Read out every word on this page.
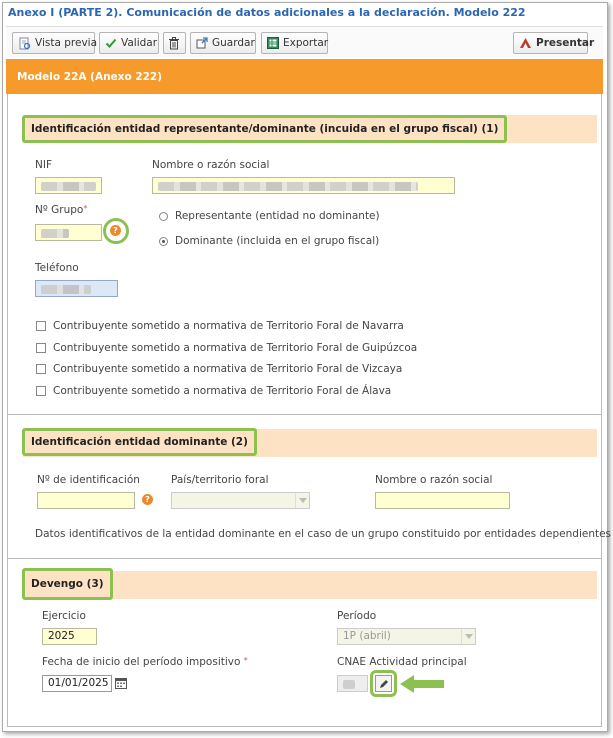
Anexo I (PARTE 2). Comunicación de datos adicionales a la declaración. Modelo 222
Vista previa Validar	Guardar	Exportar	Presentar
Modelo 22A (Anexo 222)
Identificación entidad representante/dominante (incuida en el grupo fiscal) (1)
NIF	Nombre o razón social
Nº Grupo*
?
Representante (entidad no dominante)
Dominante (incluida en el grupo fiscal)
Teléfono
Contribuyente sometido a normativa de Territorio Foral de Navarra
Contribuyente sometido a normativa de Territorio Foral de Guipúzcoa
Contribuyente sometido a normativa de Territorio Foral de Vizcaya
Contribuyente sometido a normativa de Territorio Foral de Álava
Identificación entidad dominante (2)
Nº de identificación
?
País/territorio foral	Nombre o razón social
Datos identificativos de la entidad dominante en el caso de un grupo constituido por entidades dependientes
Devengo (3)
Ejercicio
2025
Período
1P (abril)
Fecha de inicio del período impositivo *
01/01/2025
CNAE Actividad principal
